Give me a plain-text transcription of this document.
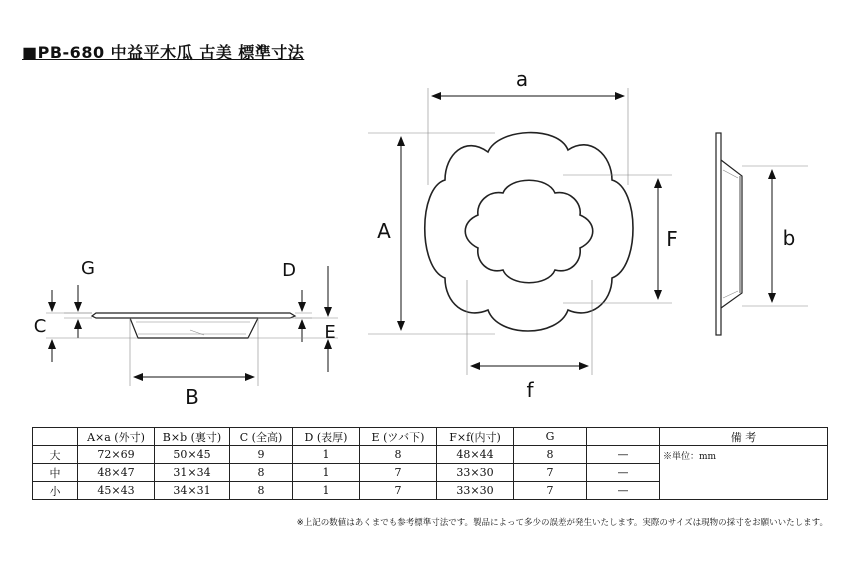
■PB-680 中益平木瓜 古美 標準寸法
a
A	F
f
b
G
C
D
E
B
	A×a (外寸)	B×b (裏寸)	C (全高)	D (表厚)	E (ツバ下)	F×f(内寸)	G		備 考
大	72×69	50×45	9	1	8	48×44	8	—	※単位：mm
中	48×47	31×34	8	1	7	33×30	7	—	
小	45×43	34×31	8	1	7	33×30	7	—	
※上記の数値はあくまでも参考標準寸法です。製品によって多少の誤差が発生いたします。実際のサイズは現物の採寸をお願いいたします。
